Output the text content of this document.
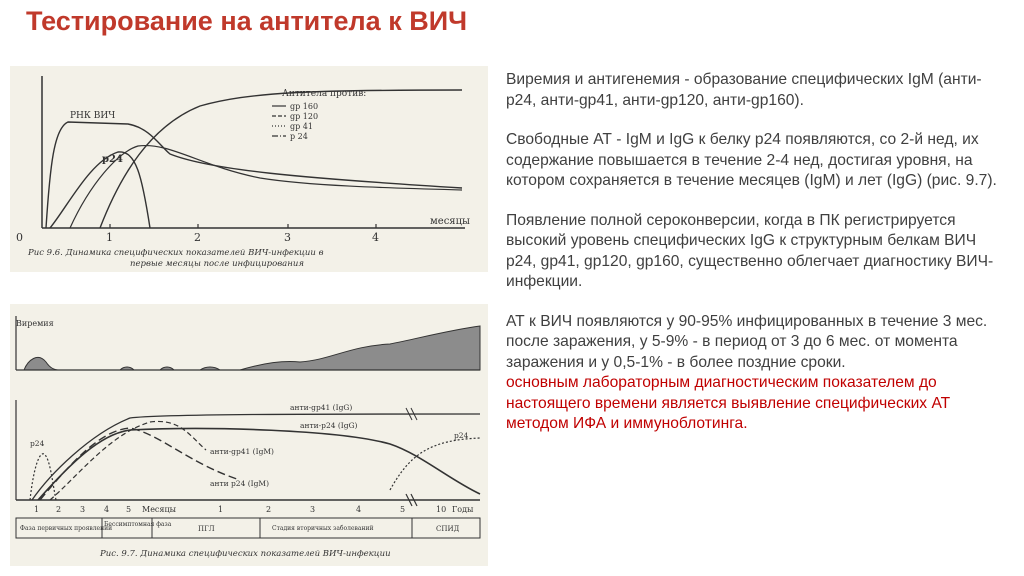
Тестирование на антитела к ВИЧ
0	1	2	3	4
месяцы
РНК ВИЧ
p24
Антитела против:
gp 160
gp 120
gp 41
p 24
Рис 9.6. Динамика специфических показателей ВИЧ-инфекции в
первые месяцы после инфицирования
Виремия
анти-gp41 (IgG)
анти-p24 (IgG)
p24
p24
анти-gp41 (IgM)
анти p24 (IgM)
1 2 3 4 5 Месяцы	1	2	3	4	5	10 Годы
Фаза первичных проявлений
Бессимптомная фаза
ПГЛ	Стадия вторичных заболеваний	СПИД
Рис. 9.7. Динамика специфических показателей ВИЧ-инфекции

Виремия и антигенемия - образование специфических IgM (анти-р24, анти-gp41, анти-gp120, анти-gp160).

Свободные АТ - IgM и IgG к белку р24 появляются, со 2-й нед, их содержание повышается в течение 2-4 нед, достигая уровня, на котором сохраняется в течение месяцев (IgM) и лет (IgG) (рис. 9.7).

Появление полной сероконверсии, когда в ПК регистрируется высокий уровень специфических IgG к структурным белкам ВИЧ р24, gp41, gp120, gp160, существенно облегчает диагностику ВИЧ-инфекции.

АТ к ВИЧ появляются у 90-95% инфицированных в течение 3 мес. после заражения, у 5-9% - в период от 3 до 6 мес. от момента заражения и у 0,5-1% - в более поздние сроки.
основным лабораторным диагностическим показателем до настоящего времени является выявление специфических АТ методом ИФА и иммуноблотинга.
